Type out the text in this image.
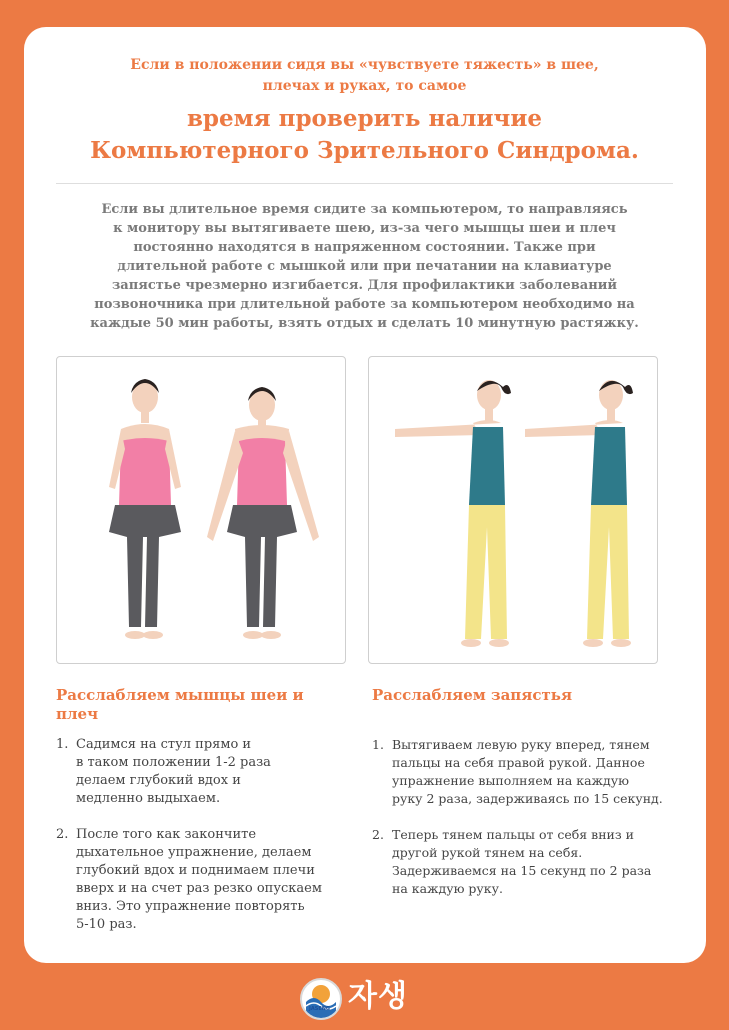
Если в положении сидя вы «чувствуете тяжесть» в шее,
плечах и руках, то самое
время проверить наличие
Компьютерного Зрительного Синдрома.
Если вы длительное время сидите за компьютером, то направляясь
к монитору вы вытягиваете шею, из-за чего мышцы шеи и плеч
постоянно находятся в напряженном состоянии. Также при
длительной работе с мышкой или при печатании на клавиатуре
запястье чрезмерно изгибается. Для профилактики заболеваний
позвоночника при длительной работе за компьютером необходимо на
каждые 50 мин работы, взять отдых и сделать 10 минутную растяжку.
Расслабляем мышцы шеи и
плеч
1. Садимся на стул прямо и
в таком положении 1-2 раза
делаем глубокий вдох и
медленно выдыхаем.
2. После того как закончите
дыхательное упражнение, делаем
глубокий вдох и поднимаем плечи
вверх и на счет раз резко опускаем
вниз. Это упражнение повторять
5-10 раз.
Расслабляем запястья
1. Вытягиваем левую руку вперед, тянем
пальцы на себя правой рукой. Данное
упражнение выполняем на каждую
руку 2 раза, задерживаясь по 15 секунд.
2. Теперь тянем пальцы от себя вниз и
другой рукой тянем на себя.
Задерживаемся на 15 секунд по 2 раза
на каждую руку.
JASENG 자생
